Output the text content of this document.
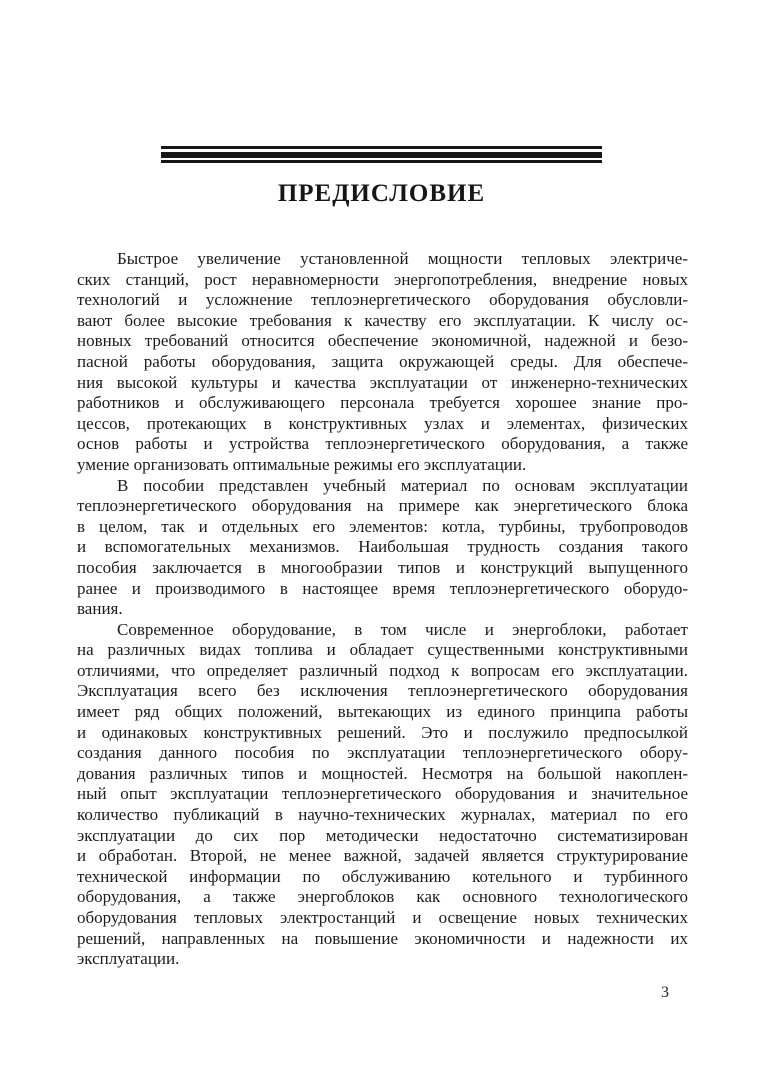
ПРЕДИСЛОВИЕ
Быстрое увеличение установленной мощности тепловых электриче-
ских станций, рост неравномерности энергопотребления, внедрение новых
технологий и усложнение теплоэнергетического оборудования обусловли-
вают более высокие требования к качеству его эксплуатации. К числу ос-
новных требований относится обеспечение экономичной, надежной и безо-
пасной работы оборудования, защита окружающей среды. Для обеспече-
ния высокой культуры и качества эксплуатации от инженерно-технических
работников и обслуживающего персонала требуется хорошее знание про-
цессов, протекающих в конструктивных узлах и элементах, физических
основ работы и устройства теплоэнергетического оборудования, а также
умение организовать оптимальные режимы его эксплуатации.
В пособии представлен учебный материал по основам эксплуатации
теплоэнергетического оборудования на примере как энергетического блока
в целом, так и отдельных его элементов: котла, турбины, трубопроводов
и вспомогательных механизмов. Наибольшая трудность создания такого
пособия заключается в многообразии типов и конструкций выпущенного
ранее и производимого в настоящее время теплоэнергетического оборудо-
вания.
Современное оборудование, в том числе и энергоблоки, работает
на различных видах топлива и обладает существенными конструктивными
отличиями, что определяет различный подход к вопросам его эксплуатации.
Эксплуатация всего без исключения теплоэнергетического оборудования
имеет ряд общих положений, вытекающих из единого принципа работы
и одинаковых конструктивных решений. Это и послужило предпосылкой
создания данного пособия по эксплуатации теплоэнергетического обору-
дования различных типов и мощностей. Несмотря на большой накоплен-
ный опыт эксплуатации теплоэнергетического оборудования и значительное
количество публикаций в научно-технических журналах, материал по его
эксплуатации до сих пор методически недостаточно систематизирован
и обработан. Второй, не менее важной, задачей является структурирование
технической информации по обслуживанию котельного и турбинного
оборудования, а также энергоблоков как основного технологического
оборудования тепловых электростанций и освещение новых технических
решений, направленных на повышение экономичности и надежности их
эксплуатации.
3
